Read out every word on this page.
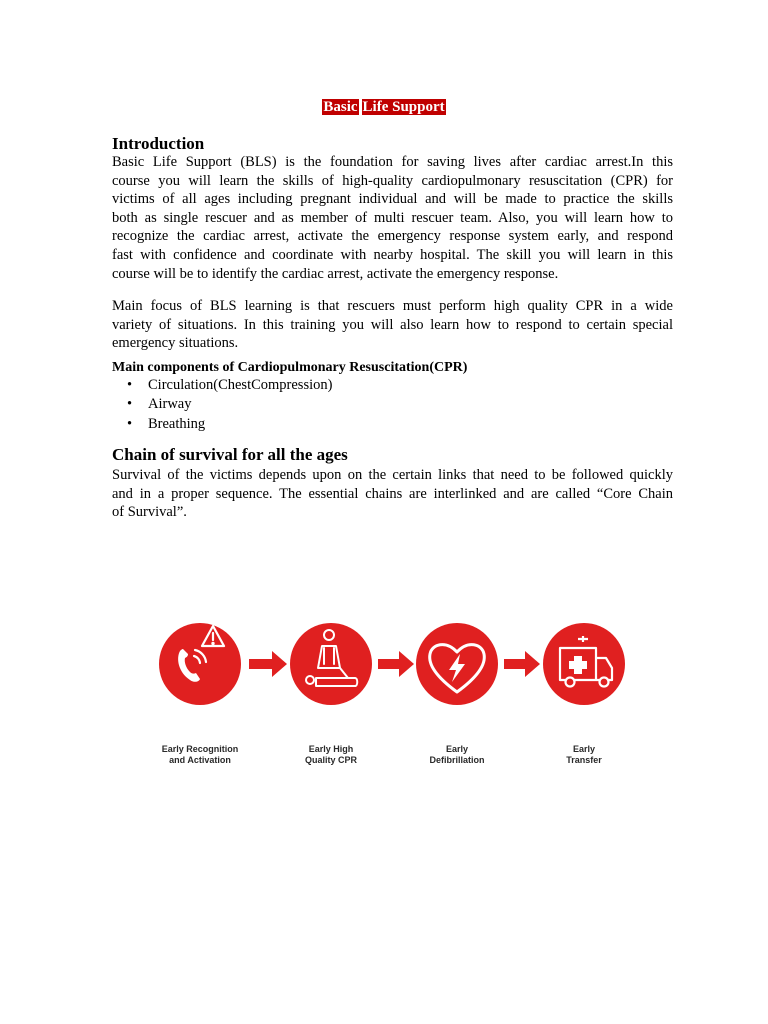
Basic Life Support
Introduction
Basic Life Support (BLS) is the foundation for saving lives after cardiac arrest.In this
course you will learn the skills of high-quality cardiopulmonary resuscitation (CPR) for
victims of all ages including pregnant individual and will be made to practice the skills
both as single rescuer and as member of multi rescuer team. Also, you will learn how to
recognize the cardiac arrest, activate the emergency response system early, and respond
fast with confidence and coordinate with nearby hospital. The skill you will learn in this
course will be to identify the cardiac arrest, activate the emergency response.
Main focus of BLS learning is that rescuers must perform high quality CPR in a wide
variety of situations. In this training you will also learn how to respond to certain special
emergency situations.
Main components of Cardiopulmonary Resuscitation(CPR)
• Circulation(ChestCompression)
• Airway
• Breathing
Chain of survival for all the ages
Survival of the victims depends upon on the certain links that need to be followed quickly
and in a proper sequence. The essential chains are interlinked and are called “Core Chain
of Survival”.
Early Recognition
and Activation
Early High
Quality CPR
Early
Defibrillation
Early
Transfer
